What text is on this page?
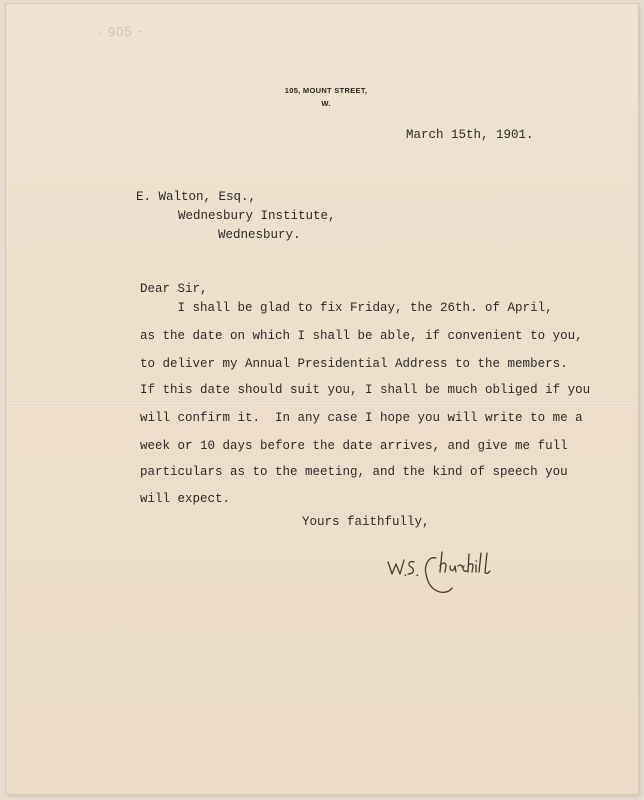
· 905 -
105, MOUNT STREET,
W.
March 15th, 1901.
E. Walton, Esq.,
Wednesbury Institute,
Wednesbury.
Dear Sir,
I shall be glad to fix Friday, the 26th. of April,
as the date on which I shall be able, if convenient to you,
to deliver my Annual Presidential Address to the members.
If this date should suit you, I shall be much obliged if you
will confirm it.  In any case I hope you will write to me a
week or 10 days before the date arrives, and give me full
particulars as to the meeting, and the kind of speech you
will expect.
Yours faithfully,
